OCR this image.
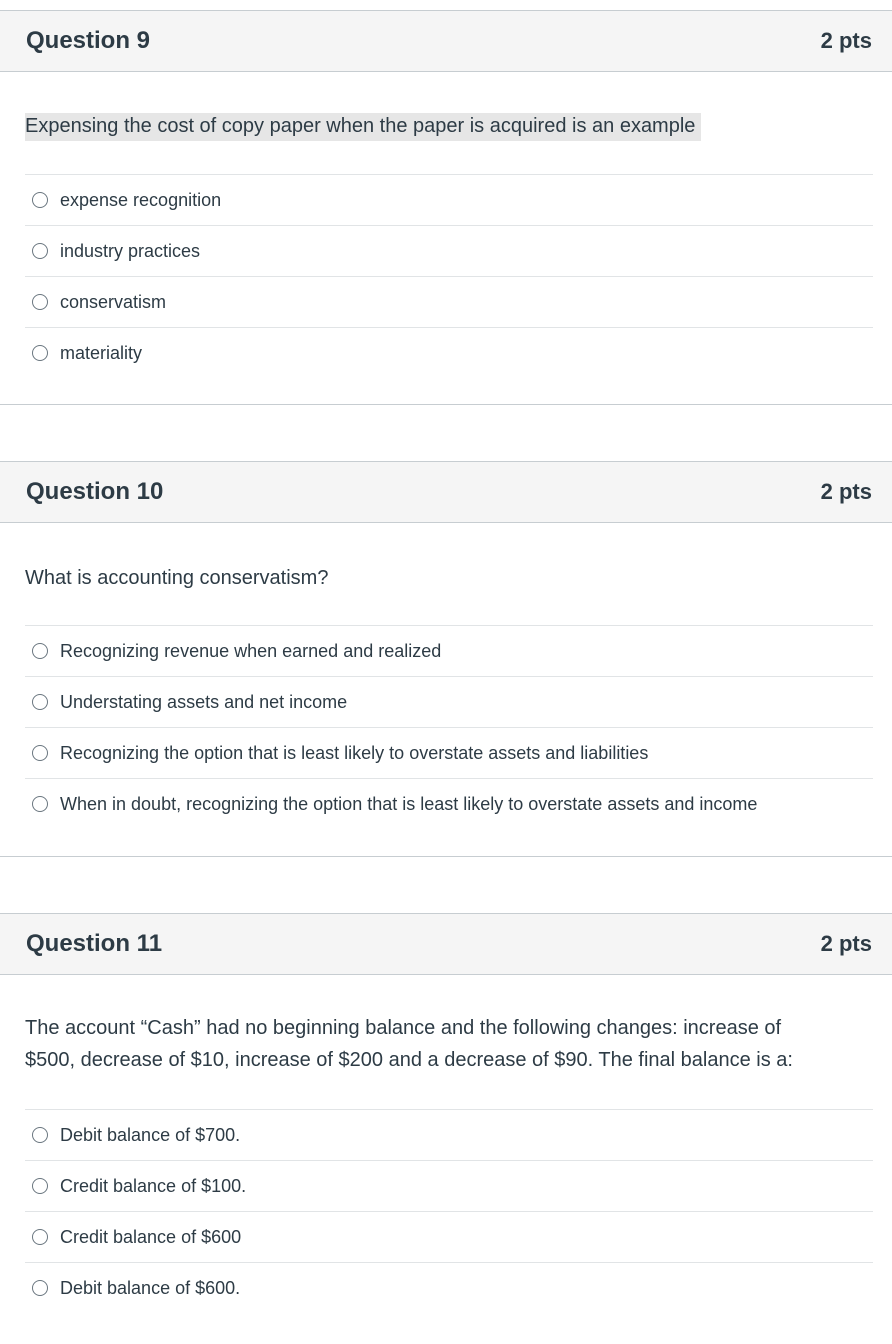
Question 9	2 pts
Expensing the cost of copy paper when the paper is acquired is an example
expense recognition
industry practices
conservatism
materiality
Question 10	2 pts
What is accounting conservatism?
Recognizing revenue when earned and realized
Understating assets and net income
Recognizing the option that is least likely to overstate assets and liabilities
When in doubt, recognizing the option that is least likely to overstate assets and income
Question 11	2 pts
The account “Cash” had no beginning balance and the following changes: increase of
$500, decrease of $10, increase of $200 and a decrease of $90. The final balance is a:
Debit balance of $700.
Credit balance of $100.
Credit balance of $600
Debit balance of $600.
